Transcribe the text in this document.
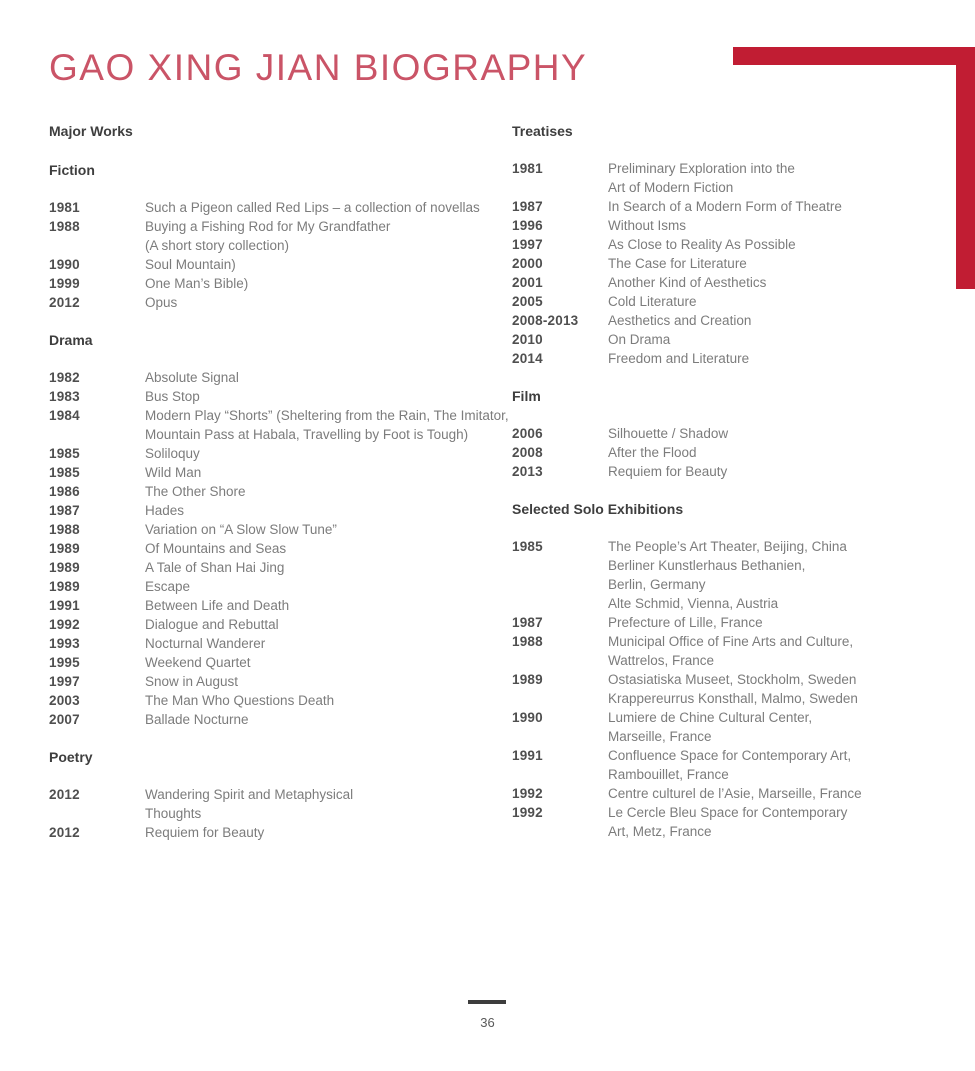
GAO XING JIAN BIOGRAPHY
Major Works
Fiction
1981	Such a Pigeon called Red Lips – a collection of novellas
1988	Buying a Fishing Rod for My Grandfather
(A short story collection)
1990	Soul Mountain)
1999	One Man’s Bible)
2012	Opus
Drama
1982	Absolute Signal
1983	Bus Stop
1984	Modern Play “Shorts” (Sheltering from the Rain, The Imitator,
Mountain Pass at Habala, Travelling by Foot is Tough)
1985	Soliloquy
1985	Wild Man
1986	The Other Shore
1987	Hades
1988	Variation on “A Slow Slow Tune”
1989	Of Mountains and Seas
1989	A Tale of Shan Hai Jing
1989	Escape
1991	Between Life and Death
1992	Dialogue and Rebuttal
1993	Nocturnal Wanderer
1995	Weekend Quartet
1997	Snow in August
2003	The Man Who Questions Death
2007	Ballade Nocturne
Poetry
2012	Wandering Spirit and Metaphysical
Thoughts
2012	Requiem for Beauty
Treatises
1981	Preliminary Exploration into the
Art of Modern Fiction
1987	In Search of a Modern Form of Theatre
1996	Without Isms
1997	As Close to Reality As Possible
2000	The Case for Literature
2001	Another Kind of Aesthetics
2005	Cold Literature
2008-2013	Aesthetics and Creation
2010	On Drama
2014	Freedom and Literature
Film
2006	Silhouette / Shadow
2008	After the Flood
2013	Requiem for Beauty
Selected Solo Exhibitions
1985	The People’s Art Theater, Beijing, China
Berliner Kunstlerhaus Bethanien,
Berlin, Germany
Alte Schmid, Vienna, Austria
1987	Prefecture of Lille, France
1988	Municipal Office of Fine Arts and Culture,
Wattrelos, France
1989	Ostasiatiska Museet, Stockholm, Sweden
Krappereurrus Konsthall, Malmo, Sweden
1990	Lumiere de Chine Cultural Center,
Marseille, France
1991	Confluence Space for Contemporary Art,
Rambouillet, France
1992	Centre culturel de l’Asie, Marseille, France
1992	Le Cercle Bleu Space for Contemporary
Art, Metz, France
36
